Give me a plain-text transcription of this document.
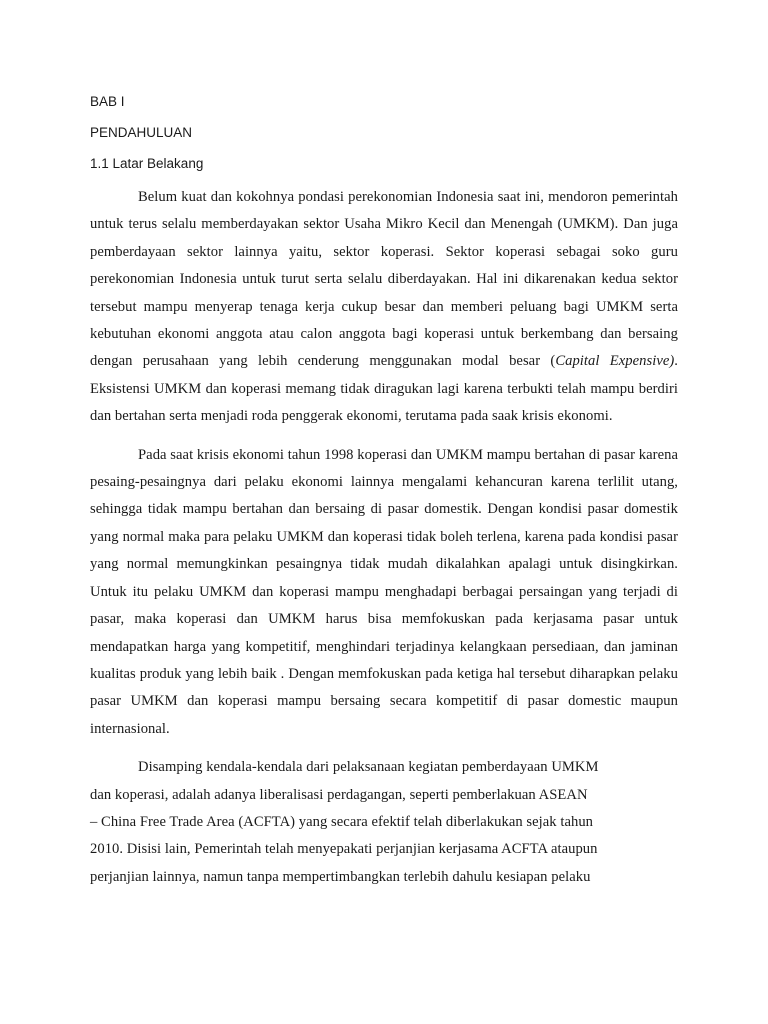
BAB I
PENDAHULUAN
1.1 Latar Belakang

Belum kuat dan kokohnya pondasi perekonomian Indonesia saat ini, mendoron pemerintah untuk terus selalu memberdayakan sektor Usaha Mikro Kecil dan Menengah (UMKM). Dan juga pemberdayaan sektor lainnya yaitu, sektor koperasi. Sektor koperasi sebagai soko guru perekonomian Indonesia untuk turut serta selalu diberdayakan. Hal ini dikarenakan kedua sektor tersebut mampu menyerap tenaga kerja cukup besar dan memberi peluang bagi UMKM serta kebutuhan ekonomi anggota atau calon anggota bagi koperasi untuk berkembang dan bersaing dengan perusahaan yang lebih cenderung menggunakan modal besar (Capital Expensive). Eksistensi UMKM dan koperasi memang tidak diragukan lagi karena terbukti telah mampu berdiri dan bertahan serta menjadi roda penggerak ekonomi, terutama pada saak krisis ekonomi.

Pada saat krisis ekonomi tahun 1998 koperasi dan UMKM mampu bertahan di pasar karena pesaing-pesaingnya dari pelaku ekonomi lainnya mengalami kehancuran karena terlilit utang, sehingga tidak mampu bertahan dan bersaing di pasar domestik. Dengan kondisi pasar domestik yang normal maka para pelaku UMKM dan koperasi tidak boleh terlena, karena pada kondisi pasar yang normal memungkinkan pesaingnya tidak mudah dikalahkan apalagi untuk disingkirkan. Untuk itu pelaku UMKM dan koperasi mampu menghadapi berbagai persaingan yang terjadi di pasar, maka koperasi dan UMKM harus bisa memfokuskan pada kerjasama pasar untuk mendapatkan harga yang kompetitif, menghindari terjadinya kelangkaan persediaan, dan jaminan kualitas produk yang lebih baik . Dengan memfokuskan pada ketiga hal tersebut diharapkan pelaku pasar UMKM dan koperasi mampu bersaing secara kompetitif di pasar domestic maupun internasional.

Disamping kendala-kendala dari pelaksanaan kegiatan pemberdayaan UMKM
dan koperasi, adalah adanya liberalisasi perdagangan, seperti pemberlakuan ASEAN
– China Free Trade Area (ACFTA) yang secara efektif telah diberlakukan sejak tahun
2010. Disisi lain, Pemerintah telah menyepakati perjanjian kerjasama ACFTA ataupun
perjanjian lainnya, namun tanpa mempertimbangkan terlebih dahulu kesiapan pelaku
